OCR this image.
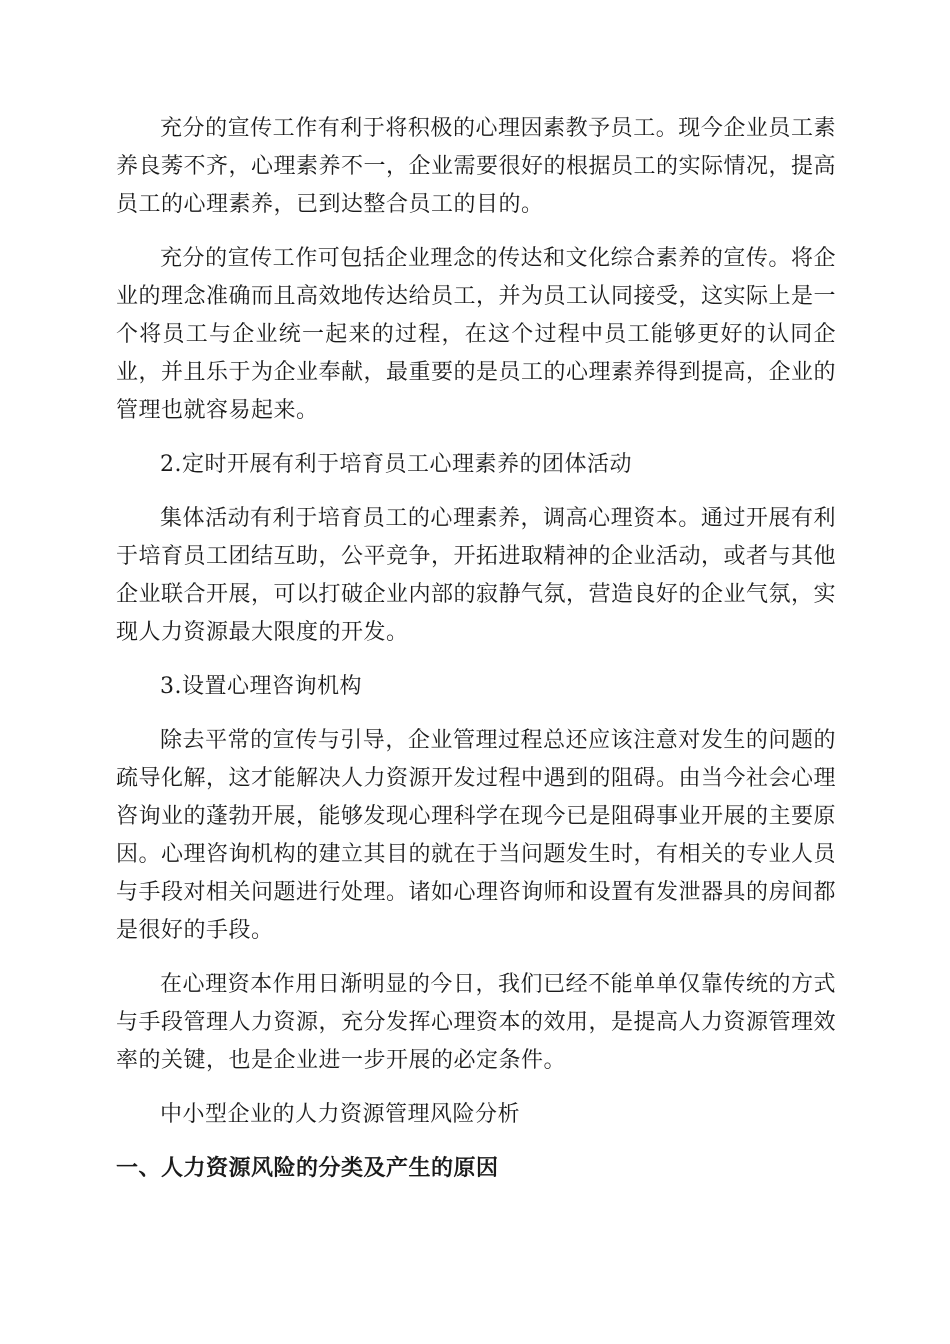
充分的宣传工作有利于将积极的心理因素教予员工。现今企业员工素养良莠不齐，心理素养不一，企业需要很好的根据员工的实际情况，提高员工的心理素养，已到达整合员工的目的。

充分的宣传工作可包括企业理念的传达和文化综合素养的宣传。将企业的理念准确而且高效地传达给员工，并为员工认同接受，这实际上是一个将员工与企业统一起来的过程，在这个过程中员工能够更好的认同企业，并且乐于为企业奉献，最重要的是员工的心理素养得到提高，企业的管理也就容易起来。

2.定时开展有利于培育员工心理素养的团体活动

集体活动有利于培育员工的心理素养，调高心理资本。通过开展有利于培育员工团结互助，公平竞争，开拓进取精神的企业活动，或者与其他企业联合开展，可以打破企业内部的寂静气氛，营造良好的企业气氛，实现人力资源最大限度的开发。

3.设置心理咨询机构

除去平常的宣传与引导，企业管理过程总还应该注意对发生的问题的疏导化解，这才能解决人力资源开发过程中遇到的阻碍。由当今社会心理咨询业的蓬勃开展，能够发现心理科学在现今已是阻碍事业开展的主要原因。心理咨询机构的建立其目的就在于当问题发生时，有相关的专业人员与手段对相关问题进行处理。诸如心理咨询师和设置有发泄器具的房间都是很好的手段。

在心理资本作用日渐明显的今日，我们已经不能单单仅靠传统的方式与手段管理人力资源，充分发挥心理资本的效用，是提高人力资源管理效率的关键，也是企业进一步开展的必定条件。

中小型企业的人力资源管理风险分析

一、人力资源风险的分类及产生的原因
